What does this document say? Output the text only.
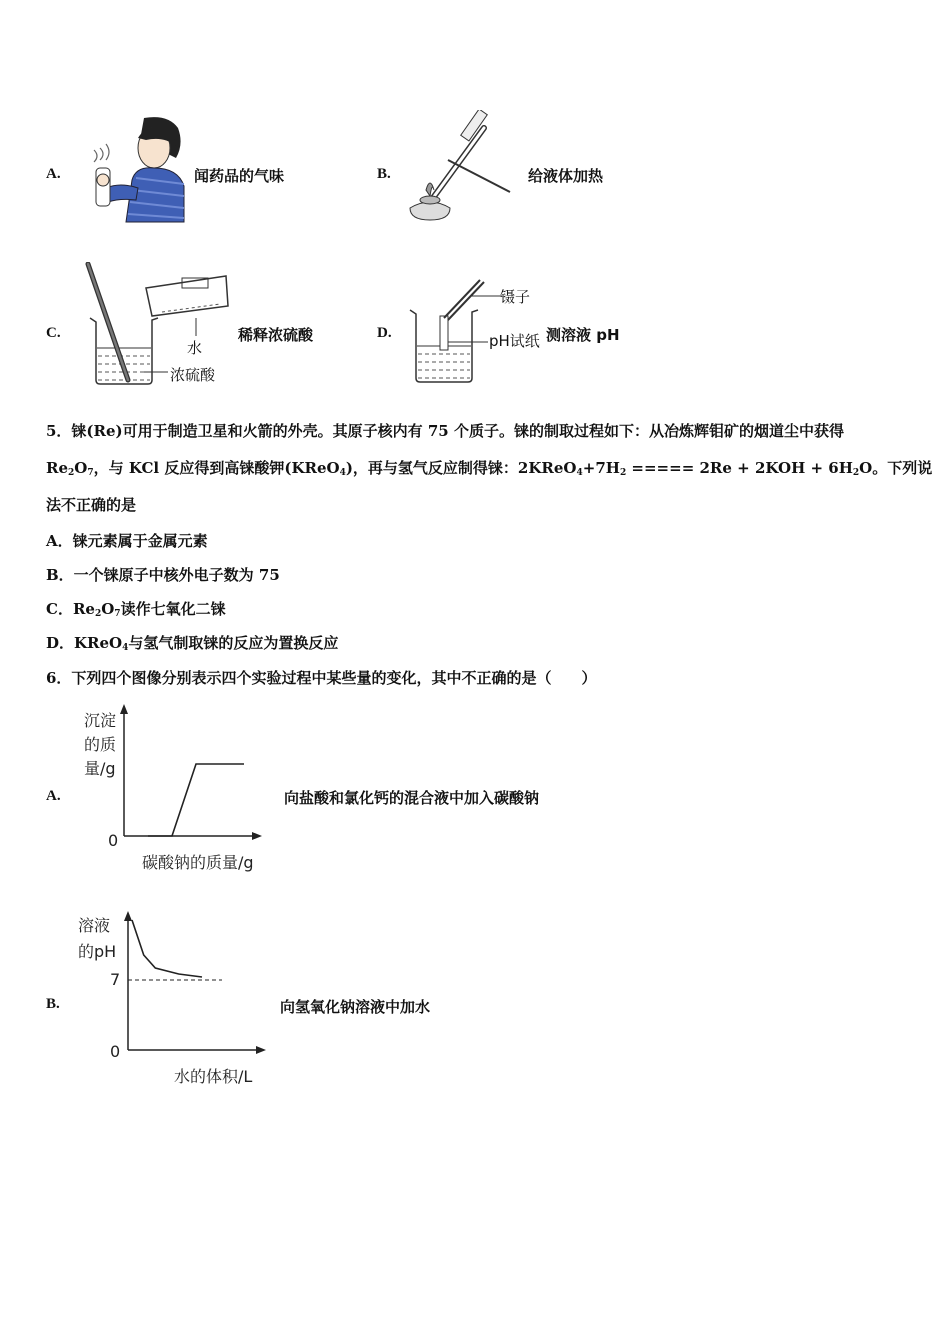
A.	闻药品的气味	B.	给液体加热
C.
水
浓硫酸
稀释浓硫酸	D.
镊子
pH试纸 测溶液 pH
5．铼(Re)可用于制造卫星和火箭的外壳。其原子核内有 75 个质子。铼的制取过程如下：从冶炼辉钼矿的烟道尘中获得
$Re_2O_7$，与 KCl 反应得到高铼酸钾(KReO$_4$)，再与氢气反应制得铼：$2KReO_4+7H_2$ ===== $2Re + 2KOH + 6H_2O$。下列说
法不正确的是
A．铼元素属于金属元素
B．一个铼原子中核外电子数为 75
C．$Re_2O_7$读作七氧化二铼
D．KReO$_4$与氢气制取铼的反应为置换反应
6．下列四个图像分别表示四个实验过程中某些量的变化，其中不正确的是（　　）
A.
沉淀
的质
量/g
0
碳酸钠的质量/g
向盐酸和氯化钙的混合液中加入碳酸钠
B.
溶液
的pH
0
7
水的体积/L
向氢氧化钠溶液中加水
